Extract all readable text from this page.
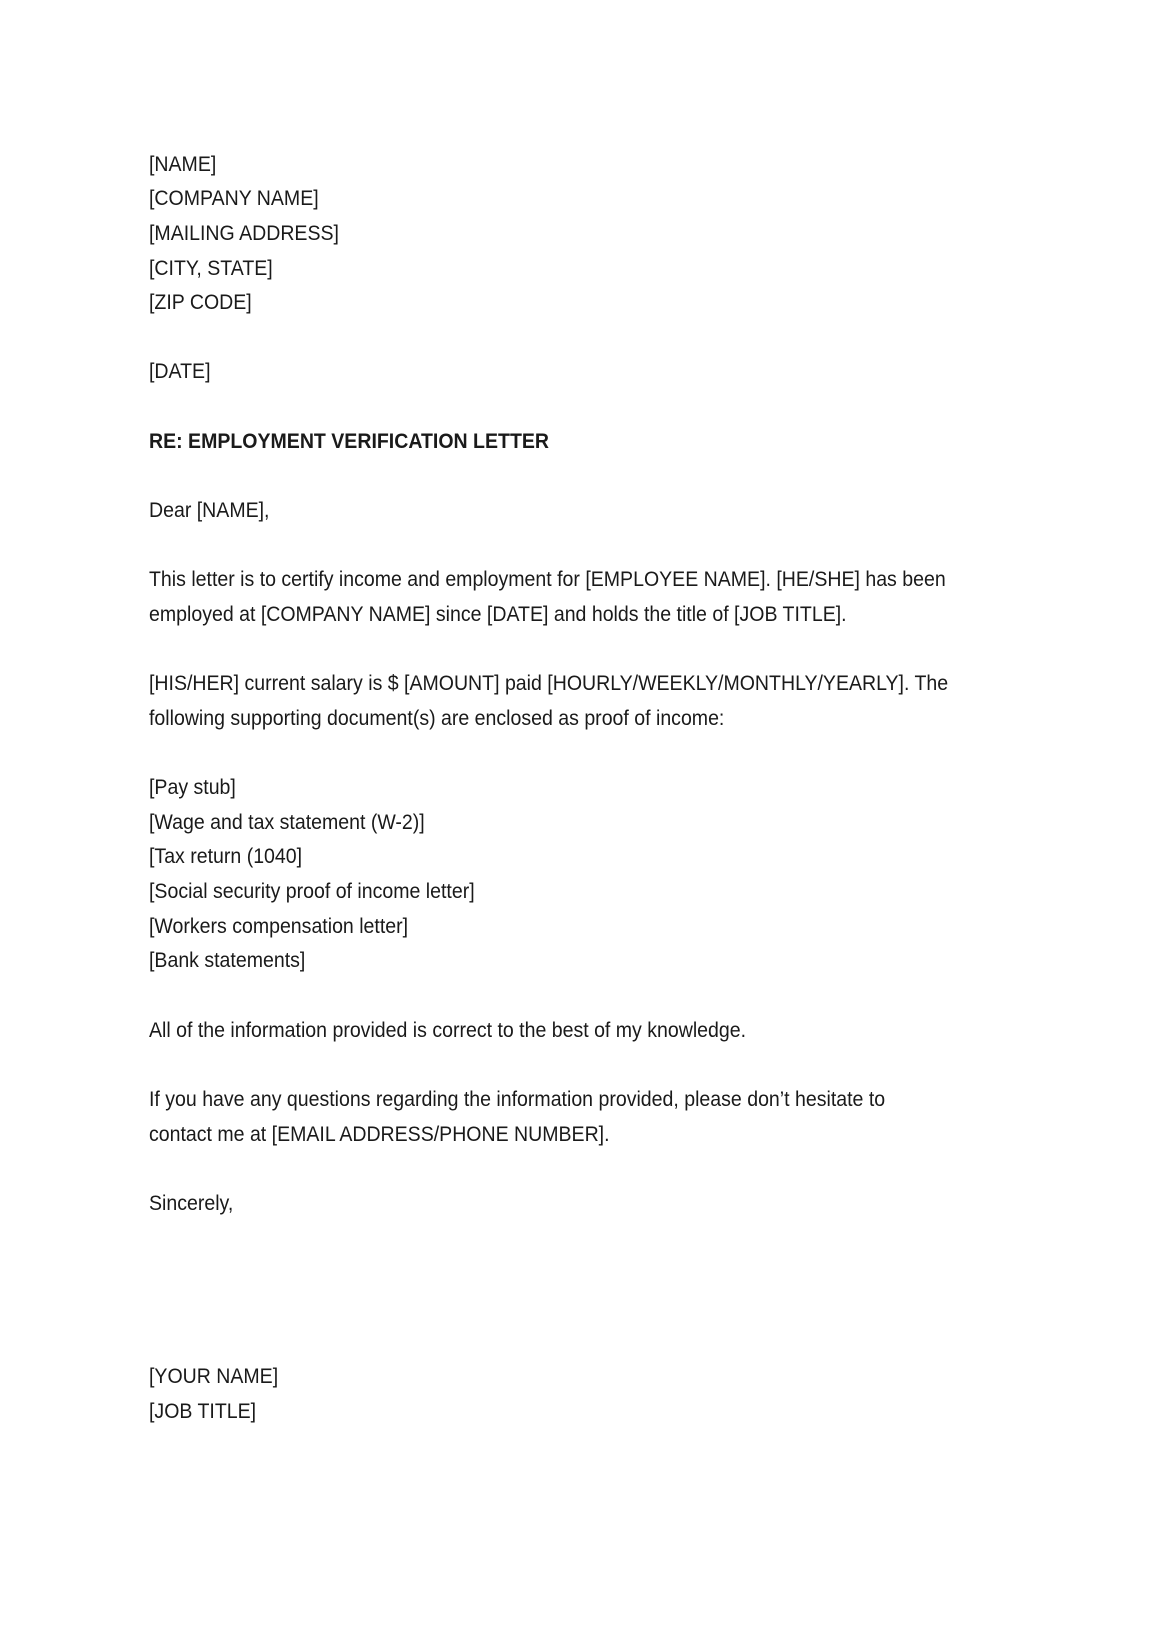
[NAME]
[COMPANY NAME]
[MAILING ADDRESS]
[CITY, STATE]
[ZIP CODE]
[DATE]
RE: EMPLOYMENT VERIFICATION LETTER
Dear [NAME],
This letter is to certify income and employment for [EMPLOYEE NAME]. [HE/SHE] has been
employed at [COMPANY NAME] since [DATE] and holds the title of [JOB TITLE].
[HIS/HER] current salary is $ [AMOUNT] paid [HOURLY/WEEKLY/MONTHLY/YEARLY]. The
following supporting document(s) are enclosed as proof of income:
[Pay stub]
[Wage and tax statement (W-2)]
[Tax return (1040]
[Social security proof of income letter]
[Workers compensation letter]
[Bank statements]
All of the information provided is correct to the best of my knowledge.
If you have any questions regarding the information provided, please don’t hesitate to
contact me at [EMAIL ADDRESS/PHONE NUMBER].
Sincerely,
[YOUR NAME]
[JOB TITLE]
